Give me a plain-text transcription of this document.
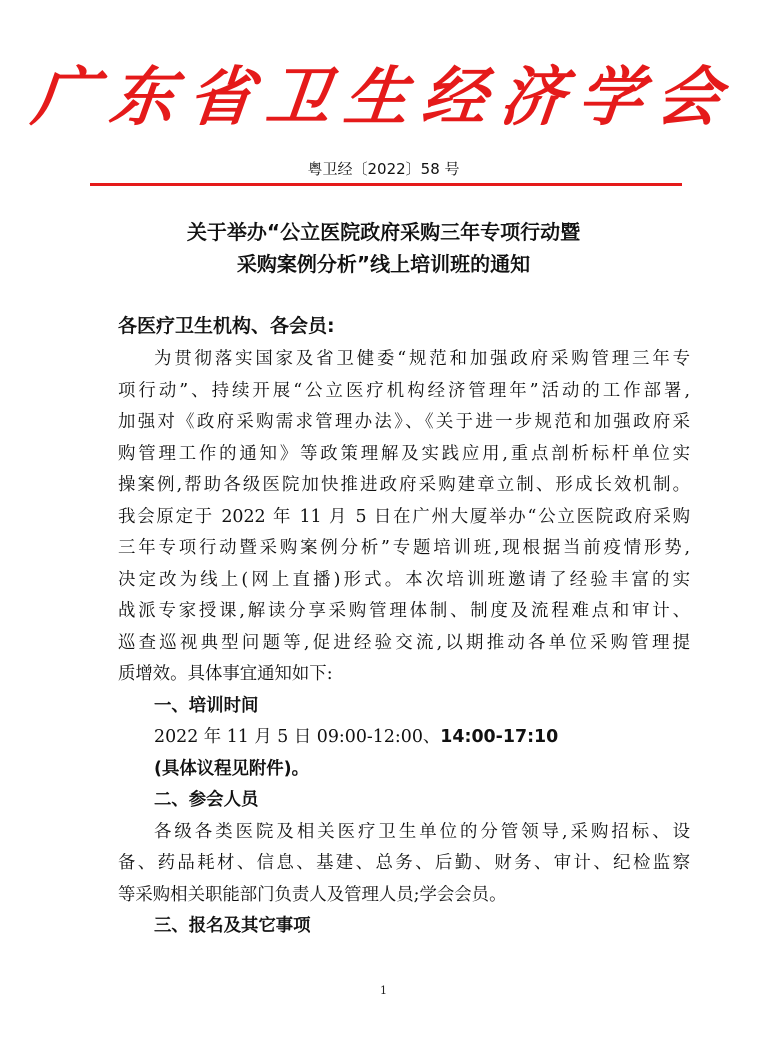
广东省卫生经济学会
粤卫经〔2022〕58 号
关于举办“公立医院政府采购三年专项行动暨
采购案例分析”线上培训班的通知
各医疗卫生机构、各会员:
为贯彻落实国家及省卫健委“规范和加强政府采购管理三年专
项行动”、持续开展“公立医疗机构经济管理年”活动的工作部署,
加强对《政府采购需求管理办法》、《关于进一步规范和加强政府采
购管理工作的通知》等政策理解及实践应用,重点剖析标杆单位实
操案例,帮助各级医院加快推进政府采购建章立制、形成长效机制。
我会原定于 2022 年 11 月 5 日在广州大厦举办“公立医院政府采购
三年专项行动暨采购案例分析”专题培训班,现根据当前疫情形势,
决定改为线上(网上直播)形式。本次培训班邀请了经验丰富的实
战派专家授课,解读分享采购管理体制、制度及流程难点和审计、
巡查巡视典型问题等,促进经验交流,以期推动各单位采购管理提
质增效。具体事宜通知如下:
一、培训时间
2022 年 11 月 5 日 09:00-12:00、14:00-17:10
(具体议程见附件)。
二、参会人员
各级各类医院及相关医疗卫生单位的分管领导,采购招标、设
备、药品耗材、信息、基建、总务、后勤、财务、审计、纪检监察
等采购相关职能部门负责人及管理人员;学会会员。
三、报名及其它事项
1
